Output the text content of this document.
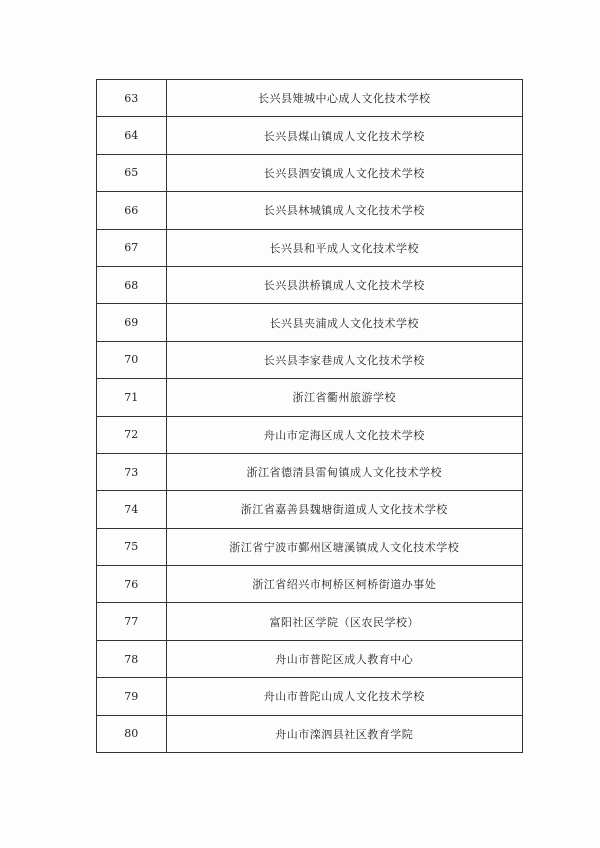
63	长兴县雉城中心成人文化技术学校
64	长兴县煤山镇成人文化技术学校
65	长兴县泗安镇成人文化技术学校
66	长兴县林城镇成人文化技术学校
67	长兴县和平成人文化技术学校
68	长兴县洪桥镇成人文化技术学校
69	长兴县夹浦成人文化技术学校
70	长兴县李家巷成人文化技术学校
71	浙江省衢州旅游学校
72	舟山市定海区成人文化技术学校
73	浙江省德清县雷甸镇成人文化技术学校
74	浙江省嘉善县魏塘街道成人文化技术学校
75	浙江省宁波市鄞州区塘溪镇成人文化技术学校
76	浙江省绍兴市柯桥区柯桥街道办事处
77	富阳社区学院（区农民学校）
78	舟山市普陀区成人教育中心
79	舟山市普陀山成人文化技术学校
80	舟山市滦泗县社区教育学院
